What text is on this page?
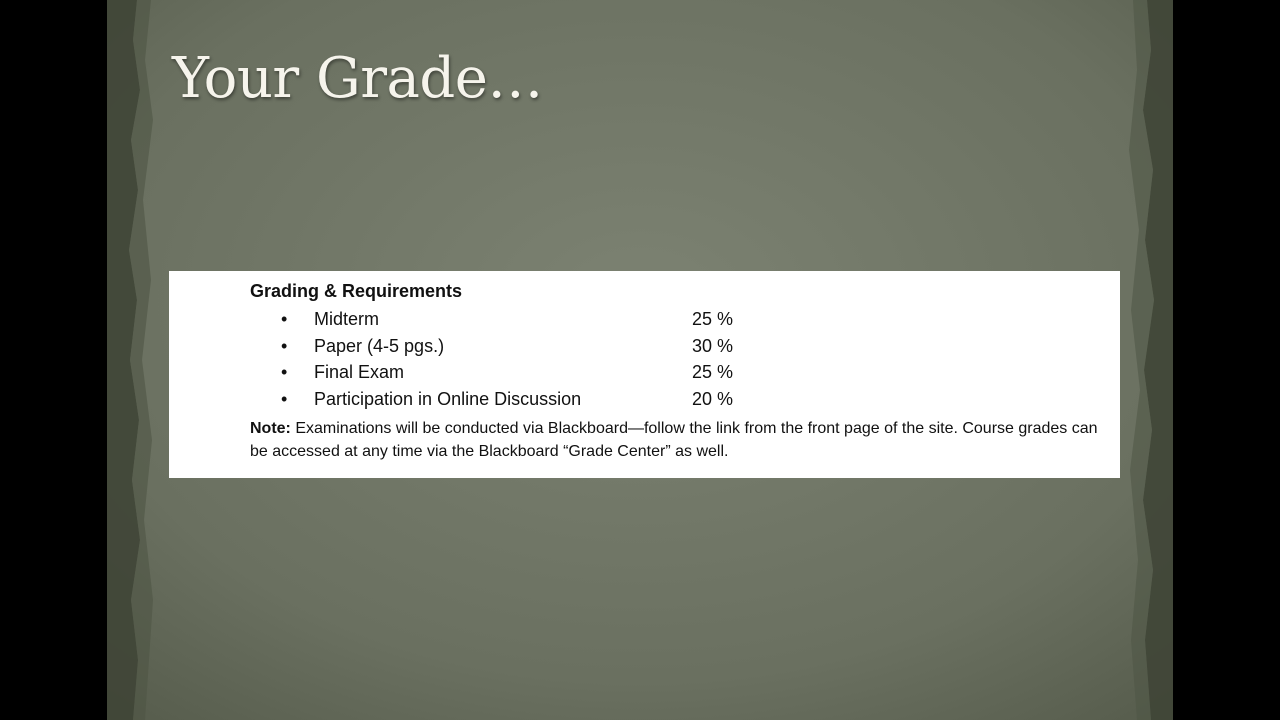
Your Grade…
Grading & Requirements
• Midterm	25 %
• Paper (4-5 pgs.)	30 %
• Final Exam	25 %
• Participation in Online Discussion	20 %

Note: Examinations will be conducted via Blackboard—follow the link from the front page of the site. Course grades can be accessed at any time via the Blackboard “Grade Center” as well.
